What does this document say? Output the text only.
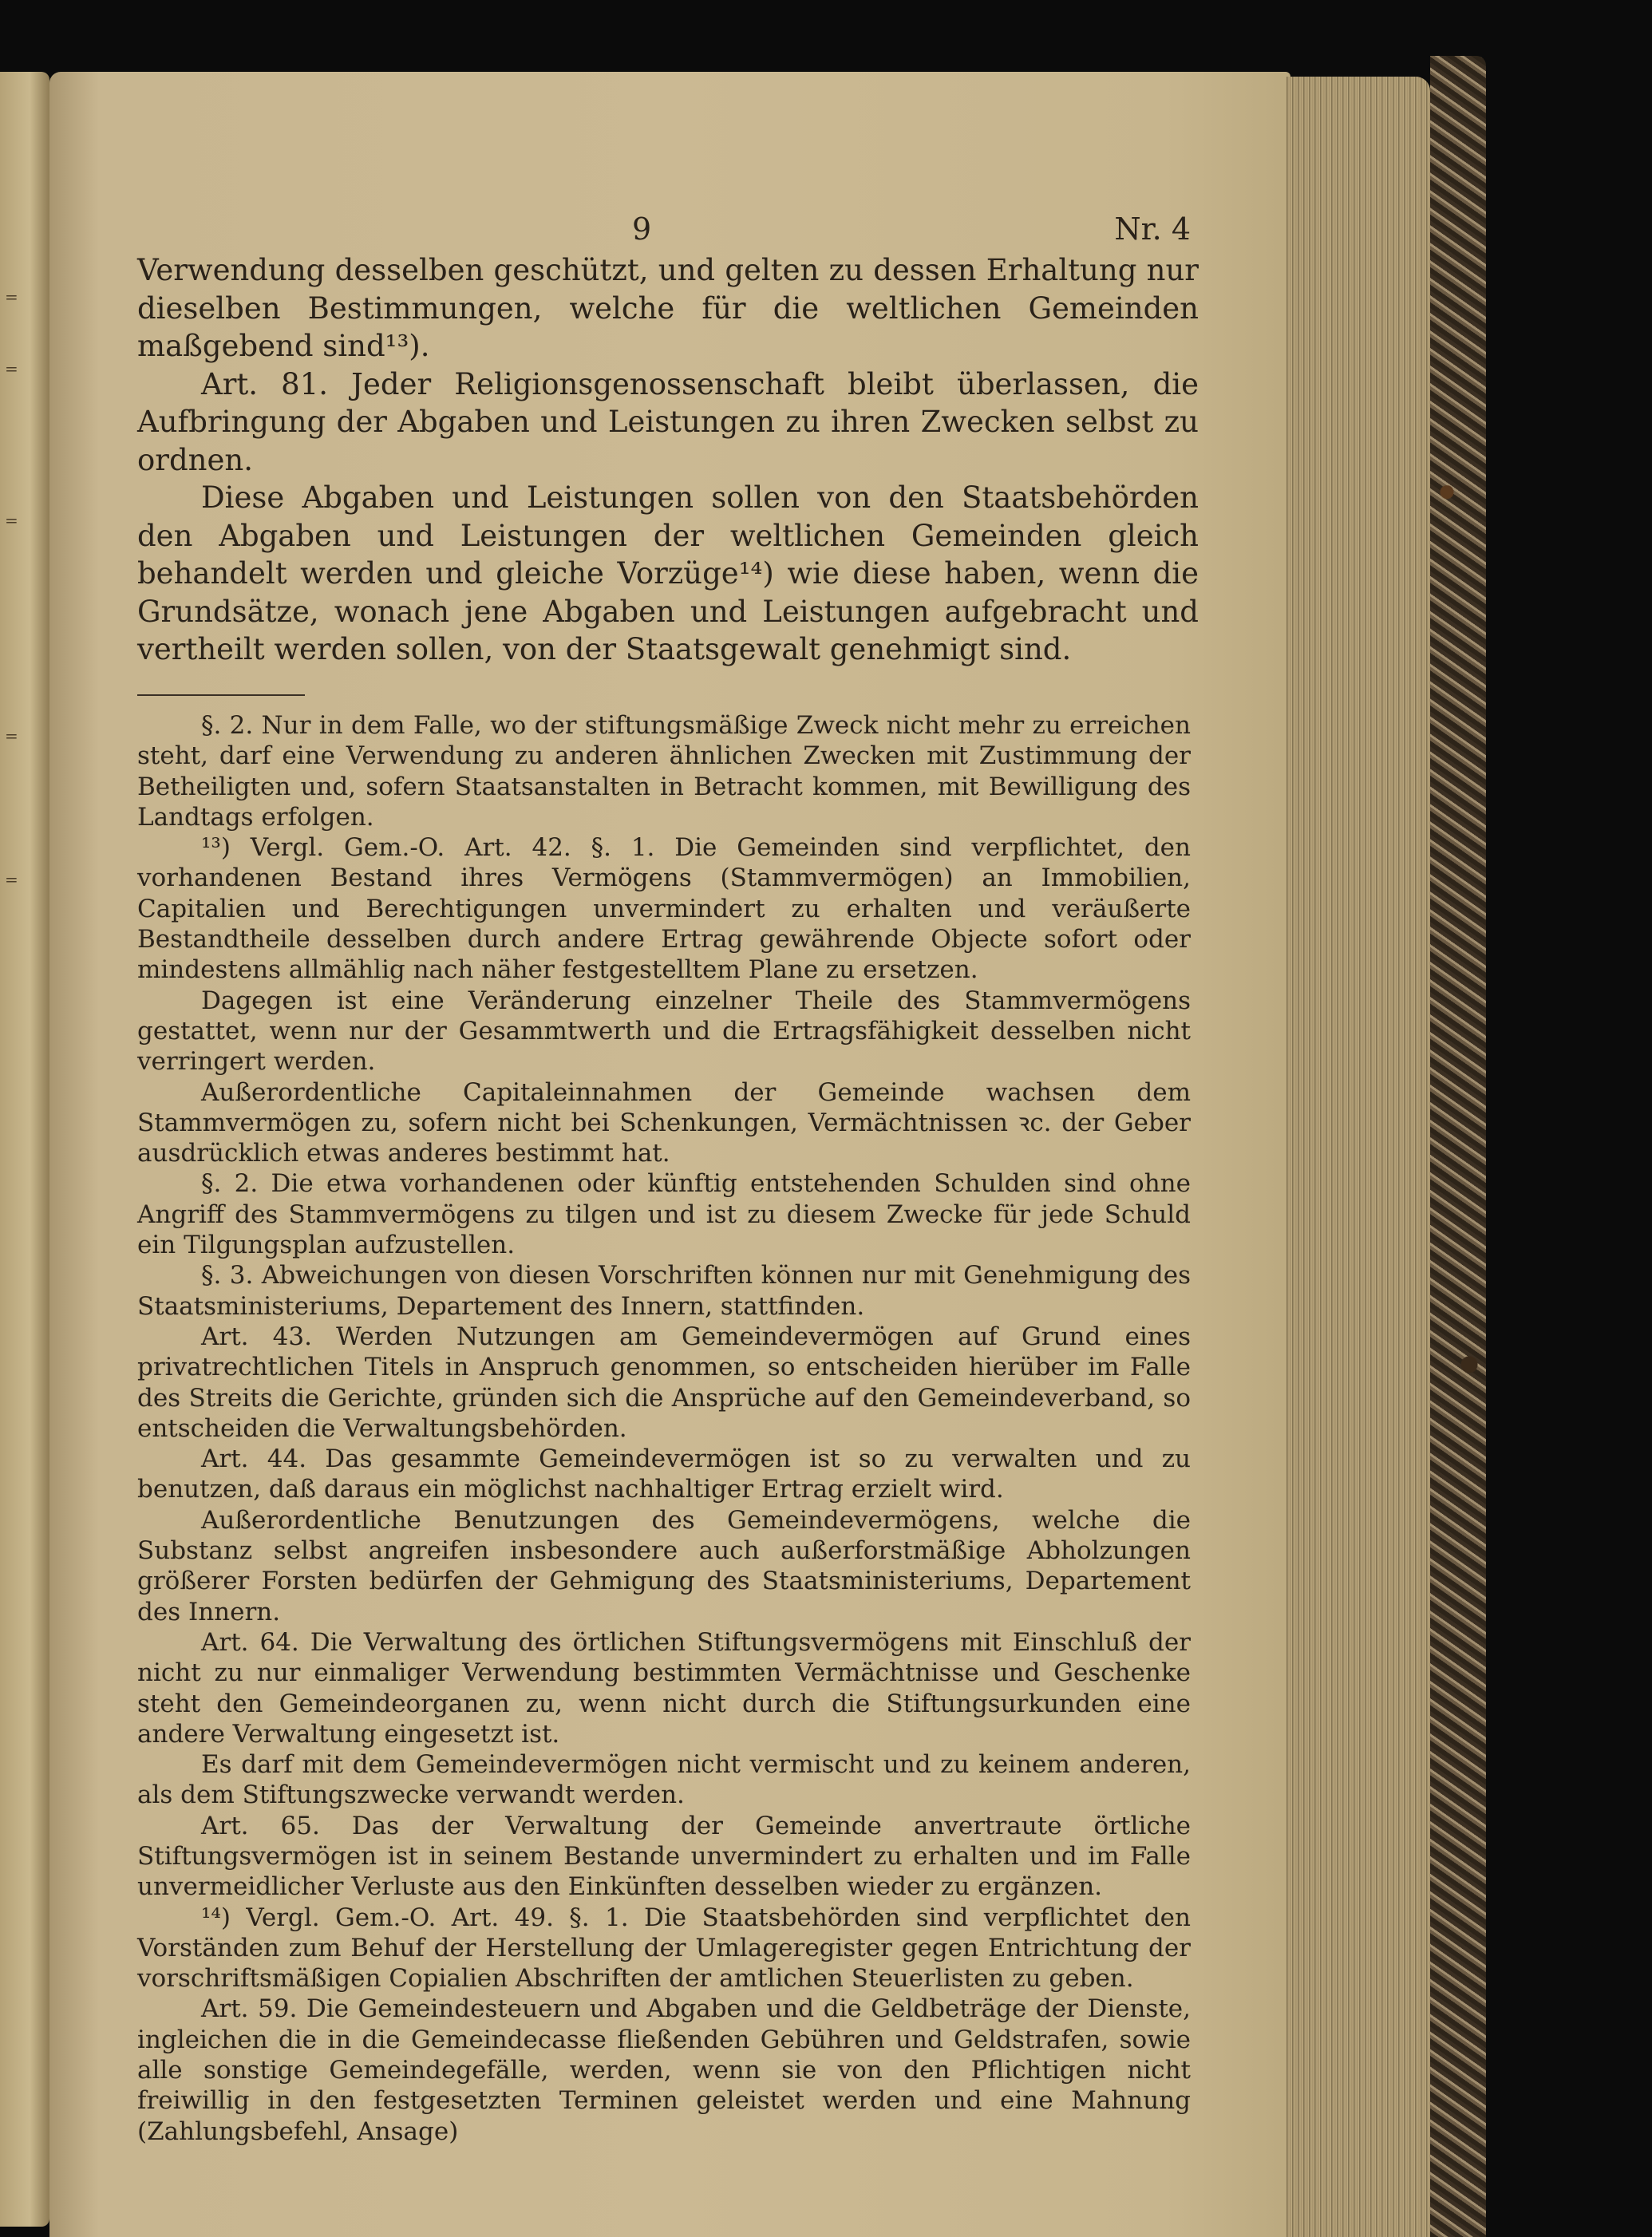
=
=
=
=
=
9	Nr. 4

Verwendung desselben geschützt, und gelten zu dessen Erhaltung nur dieselben Bestimmungen, welche für die weltlichen Gemeinden maßgebend sind¹³).

Art. 81. Jeder Religionsgenossenschaft bleibt überlassen, die Aufbringung der Abgaben und Leistungen zu ihren Zwecken selbst zu ordnen.

Diese Abgaben und Leistungen sollen von den Staatsbehörden den Abgaben und Leistungen der weltlichen Gemeinden gleich behandelt werden und gleiche Vorzüge¹⁴) wie diese haben, wenn die Grundsätze, wonach jene Abgaben und Leistungen aufgebracht und vertheilt werden sollen, von der Staatsgewalt genehmigt sind.

§. 2. Nur in dem Falle, wo der stiftungsmäßige Zweck nicht mehr zu erreichen steht, darf eine Verwendung zu anderen ähnlichen Zwecken mit Zustimmung der Betheiligten und, sofern Staatsanstalten in Betracht kommen, mit Bewilligung des Landtags erfolgen.

¹³) Vergl. Gem.-O. Art. 42. §. 1. Die Gemeinden sind verpflichtet, den vorhandenen Bestand ihres Vermögens (Stammvermögen) an Immobilien, Capitalien und Berechtigungen unvermindert zu erhalten und veräußerte Bestandtheile desselben durch andere Ertrag gewährende Objecte sofort oder mindestens allmählig nach näher festgestelltem Plane zu ersetzen.

Dagegen ist eine Veränderung einzelner Theile des Stammvermögens gestattet, wenn nur der Gesammtwerth und die Ertragsfähigkeit desselben nicht verringert werden.

Außerordentliche Capitaleinnahmen der Gemeinde wachsen dem Stammvermögen zu, sofern nicht bei Schenkungen, Vermächtnissen ꝛc. der Geber ausdrücklich etwas anderes bestimmt hat.

§. 2. Die etwa vorhandenen oder künftig entstehenden Schulden sind ohne Angriff des Stammvermögens zu tilgen und ist zu diesem Zwecke für jede Schuld ein Tilgungsplan aufzustellen.

§. 3. Abweichungen von diesen Vorschriften können nur mit Genehmigung des Staatsministeriums, Departement des Innern, stattfinden.

Art. 43. Werden Nutzungen am Gemeindevermögen auf Grund eines privatrechtlichen Titels in Anspruch genommen, so entscheiden hierüber im Falle des Streits die Gerichte, gründen sich die Ansprüche auf den Gemeindeverband, so entscheiden die Verwaltungsbehörden.

Art. 44. Das gesammte Gemeindevermögen ist so zu verwalten und zu benutzen, daß daraus ein möglichst nachhaltiger Ertrag erzielt wird.

Außerordentliche Benutzungen des Gemeindevermögens, welche die Substanz selbst angreifen insbesondere auch außerforstmäßige Abholzungen größerer Forsten bedürfen der Gehmigung des Staatsministeriums, Departement des Innern.

Art. 64. Die Verwaltung des örtlichen Stiftungsvermögens mit Einschluß der nicht zu nur einmaliger Verwendung bestimmten Vermächtnisse und Geschenke steht den Gemeindeorganen zu, wenn nicht durch die Stiftungsurkunden eine andere Verwaltung eingesetzt ist.

Es darf mit dem Gemeindevermögen nicht vermischt und zu keinem anderen, als dem Stiftungszwecke verwandt werden.

Art. 65. Das der Verwaltung der Gemeinde anvertraute örtliche Stiftungsvermögen ist in seinem Bestande unvermindert zu erhalten und im Falle unvermeidlicher Verluste aus den Einkünften desselben wieder zu ergänzen.

¹⁴) Vergl. Gem.-O. Art. 49. §. 1. Die Staatsbehörden sind verpflichtet den Vorständen zum Behuf der Herstellung der Umlageregister gegen Entrichtung der vorschriftsmäßigen Copialien Abschriften der amtlichen Steuerlisten zu geben.

Art. 59. Die Gemeindesteuern und Abgaben und die Geldbeträge der Dienste, ingleichen die in die Gemeindecasse fließenden Gebühren und Geldstrafen, sowie alle sonstige Gemeindegefälle, werden, wenn sie von den Pflichtigen nicht freiwillig in den festgesetzten Terminen geleistet werden und eine Mahnung (Zahlungsbefehl, Ansage)
